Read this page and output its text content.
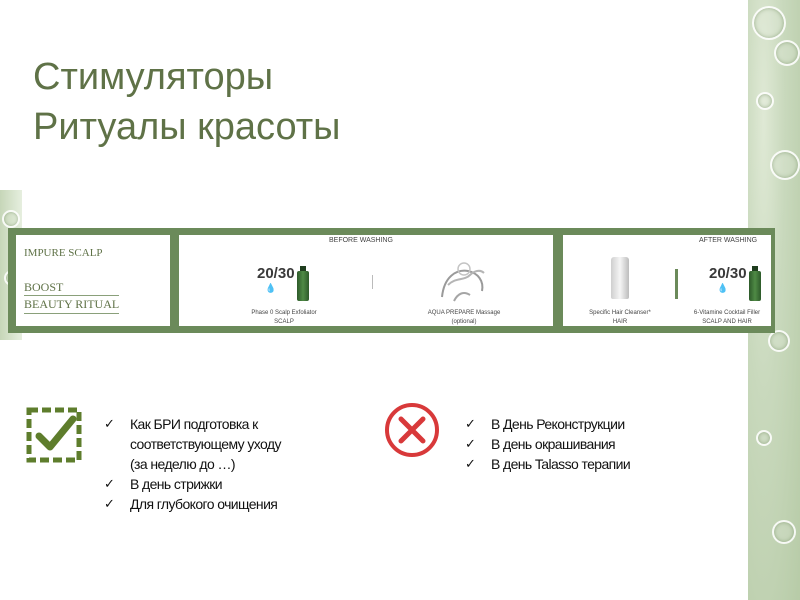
Стимуляторы
Ритуалы красоты
IMPURE SCALP
BOOST
BEAUTY RITUAL
BEFORE WASHING
20/30
💧
Phase 0 Scalp Exfoliator
SCALP
AQUA PREPARE Massage
(optional)
AFTER WASHING
Specific Hair Cleanser*
HAIR
20/30
💧
6-Vitamine Cocktail Filler
SCALP AND HAIR
✓ Как БРИ подготовка к
соответствующему уходу
(за неделю до …)
✓ В день стрижки
✓ Для глубокого очищения
✓ В День Реконструкции
✓ В день окрашивания
✓ В день Talasso терапии
